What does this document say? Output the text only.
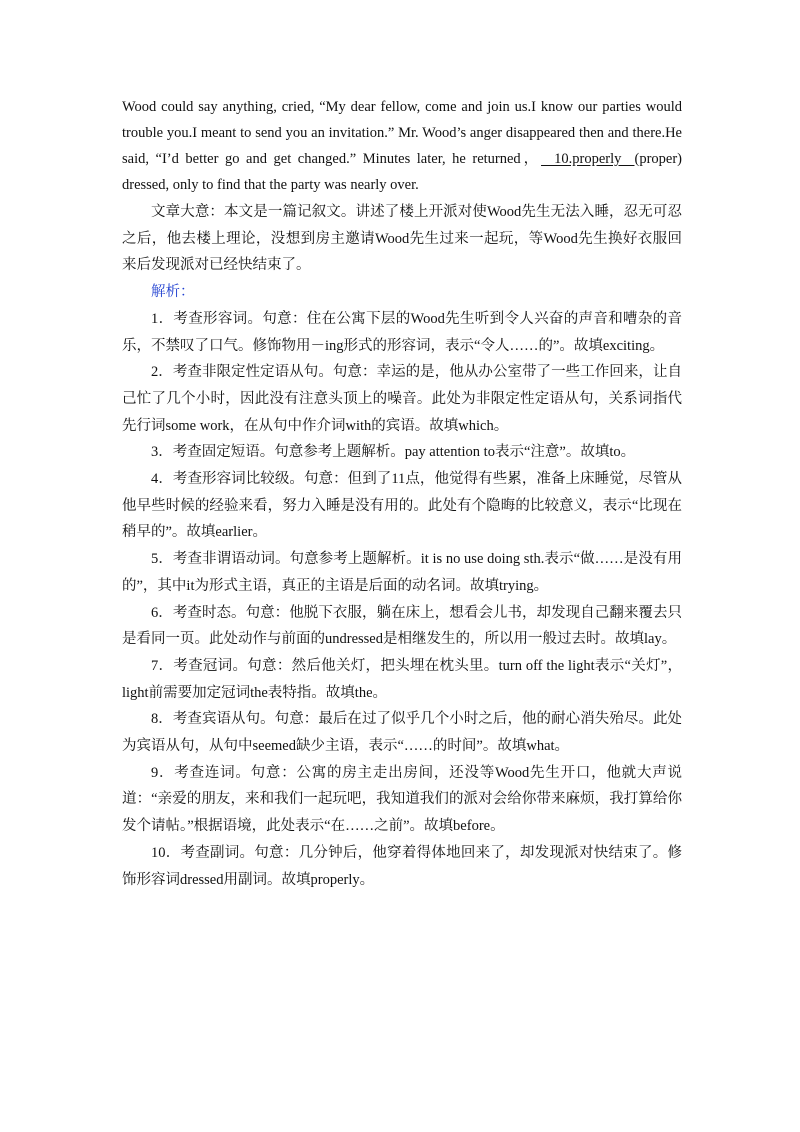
Wood could say anything, cried, “My dear fellow, come and join us.I know our parties would trouble you.I meant to send you an invitation.” Mr. Wood’s anger disappeared then and there.He said, “I’d better go and get changed.” Minutes later, he returned，  10.properly  (proper) dressed, only to find that the party was nearly over.

文章大意：本文是一篇记叙文。讲述了楼上开派对使Wood先生无法入睡，忍无可忍之后，他去楼上理论，没想到房主邀请Wood先生过来一起玩，等Wood先生换好衣服回来后发现派对已经快结束了。

解析：

1．考查形容词。句意：住在公寓下层的Wood先生听到令人兴奋的声音和嘈杂的音乐，不禁叹了口气。修饰物用－ing形式的形容词，表示“令人……的”。故填exciting。

2．考查非限定性定语从句。句意：幸运的是，他从办公室带了一些工作回来，让自己忙了几个小时，因此没有注意头顶上的噪音。此处为非限定性定语从句，关系词指代先行词some work，在从句中作介词with的宾语。故填which。

3．考查固定短语。句意参考上题解析。pay attention to表示“注意”。故填to。

4．考查形容词比较级。句意：但到了11点，他觉得有些累，准备上床睡觉，尽管从他早些时候的经验来看，努力入睡是没有用的。此处有个隐晦的比较意义，表示“比现在稍早的”。故填earlier。

5．考查非谓语动词。句意参考上题解析。it is no use doing sth.表示“做……是没有用的”，其中it为形式主语，真正的主语是后面的动名词。故填trying。

6．考查时态。句意：他脱下衣服，躺在床上，想看会儿书，却发现自己翻来覆去只是看同一页。此处动作与前面的undressed是相继发生的，所以用一般过去时。故填lay。

7．考查冠词。句意：然后他关灯，把头埋在枕头里。turn off the light表示“关灯”，light前需要加定冠词the表特指。故填the。

8．考查宾语从句。句意：最后在过了似乎几个小时之后，他的耐心消失殆尽。此处为宾语从句，从句中seemed缺少主语，表示“……的时间”。故填what。

9．考查连词。句意：公寓的房主走出房间，还没等Wood先生开口，他就大声说道：“亲爱的朋友，来和我们一起玩吧，我知道我们的派对会给你带来麻烦，我打算给你发个请帖。”根据语境，此处表示“在……之前”。故填before。

10．考查副词。句意：几分钟后，他穿着得体地回来了，却发现派对快结束了。修饰形容词dressed用副词。故填properly。
